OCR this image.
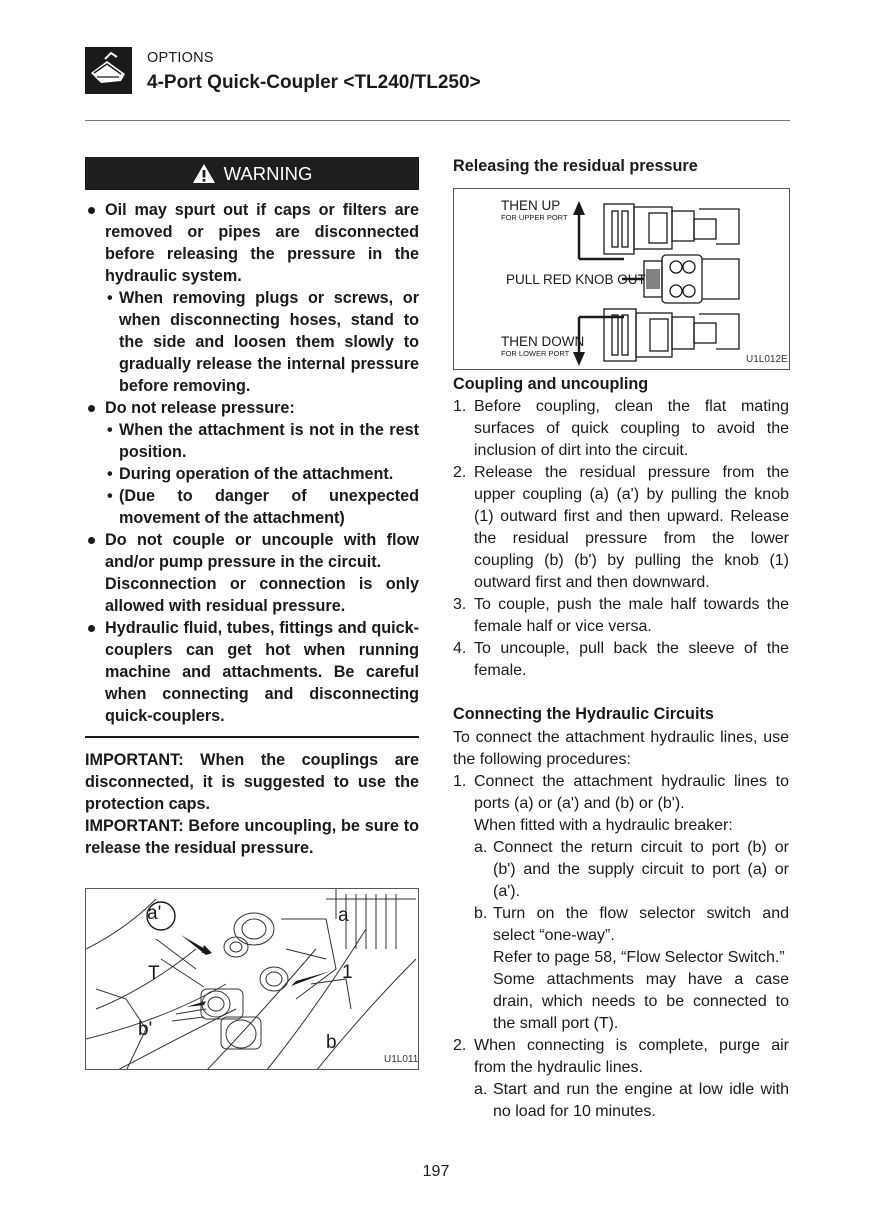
OPTIONS
4-Port Quick-Coupler <TL240/TL250>
WARNING
Oil may spurt out if caps or filters are removed or pipes are disconnected before releasing the pressure in the hydraulic system.
• When removing plugs or screws, or when disconnecting hoses, stand to the side and loosen them slowly to gradually release the internal pressure before removing.
Do not release pressure:
• When the attachment is not in the rest position.
• During operation of the attachment.
• (Due to danger of unexpected movement of the attachment)
Do not couple or uncouple with flow and/or pump pressure in the circuit.
Disconnection or connection is only allowed with residual pressure.
Hydraulic fluid, tubes, fittings and quick-couplers can get hot when running machine and attachments. Be careful when connecting and disconnecting quick-couplers.
IMPORTANT: When the couplings are disconnected, it is suggested to use the protection caps.
IMPORTANT: Before uncoupling, be sure to release the residual pressure.
a'	a
T	1
b'
b
U1L011
Releasing the residual pressure
THEN UP
FOR UPPER PORT
PULL RED KNOB OUT
THEN DOWN
FOR LOWER PORT
U1L012E
Coupling and uncoupling
1. Before coupling, clean the flat mating surfaces of quick coupling to avoid the inclusion of dirt into the circuit.
2. Release the residual pressure from the upper coupling (a) (a') by pulling the knob (1) outward first and then upward. Release the residual pressure from the lower coupling (b) (b') by pulling the knob (1) outward first and then downward.
3. To couple, push the male half towards the female half or vice versa.
4. To uncouple, pull back the sleeve of the female.
Connecting the Hydraulic Circuits
To connect the attachment hydraulic lines, use the following procedures:
1. Connect the attachment hydraulic lines to ports (a) or (a') and (b) or (b').
When fitted with a hydraulic breaker:
a. Connect the return circuit to port (b) or (b') and the supply circuit to port (a) or (a').
b. Turn on the flow selector switch and select “one-way”.
Refer to page 58, “Flow Selector Switch.”
Some attachments may have a case drain, which needs to be connected to the small port (T).
2. When connecting is complete, purge air from the hydraulic lines.
a. Start and run the engine at low idle with no load for 10 minutes.
197
